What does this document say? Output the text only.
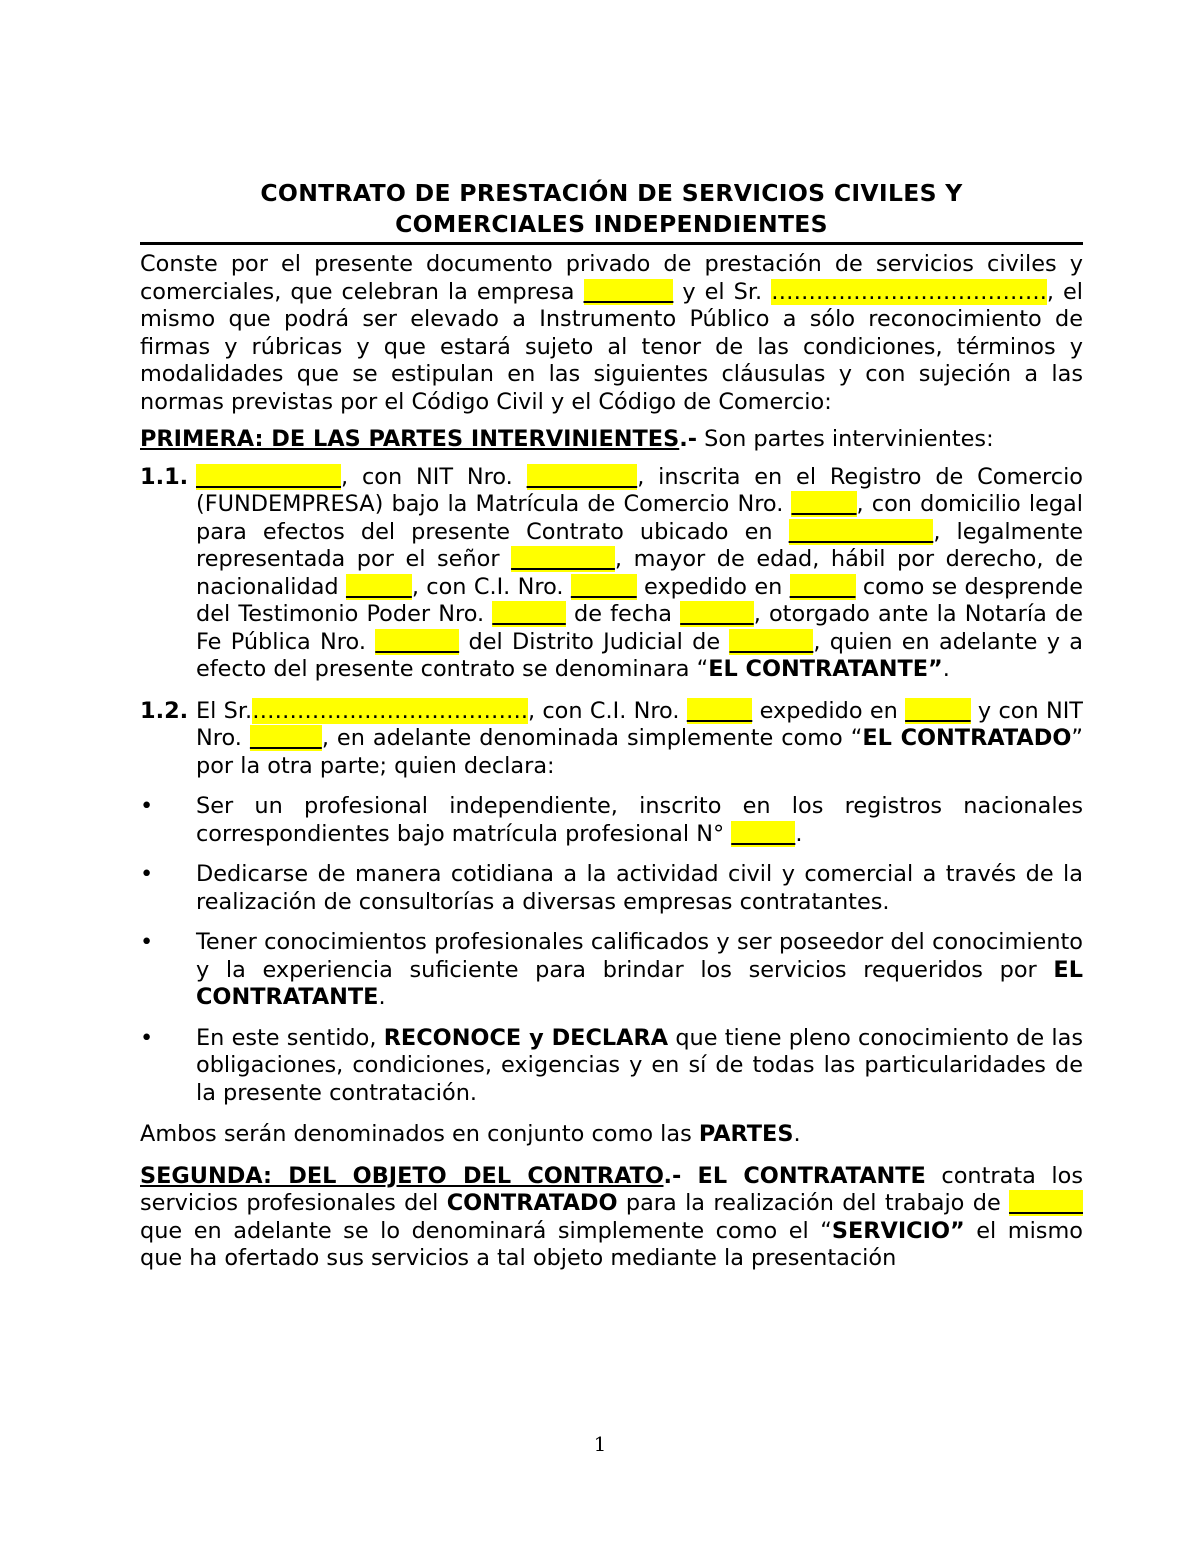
CONTRATO DE PRESTACIÓN DE SERVICIOS CIVILES Y
COMERCIALES INDEPENDIENTES

Conste por el presente documento privado de prestación de servicios civiles y comerciales, que celebran la empresa	y el Sr. ………………………………., el mismo que podrá ser elevado a Instrumento Público a sólo reconocimiento de firmas y rúbricas y que estará sujeto al tenor de las condiciones, términos y modalidades que se estipulan en las siguientes cláusulas y con sujeción a las normas previstas por el Código Civil y el Código de Comercio:

PRIMERA: DE LAS PARTES INTERVINIENTES.- Son partes intervinientes:

1.1.	, con NIT Nro.	, inscrita en el Registro de Comercio (FUNDEMPRESA) bajo la Matrícula de Comercio Nro.	, con domicilio legal para efectos del presente Contrato ubicado en	, legalmente representada por el señor	, mayor de edad, hábil por derecho, de nacionalidad	, con C.I. Nro.	expedido en	como se desprende del Testimonio Poder Nro.	de fecha	, otorgado ante la Notaría de Fe Pública Nro.	del Distrito Judicial de	, quien en adelante y a efecto del presente contrato se denominara “EL CONTRATANTE”.
1.2. El Sr.………………………………., con C.I. Nro.	expedido en	y con NIT Nro.	, en adelante denominada simplemente como “EL CONTRATADO” por la otra parte; quien declara:
• Ser un profesional independiente, inscrito en los registros nacionales correspondientes bajo matrícula profesional N°	.
• Dedicarse de manera cotidiana a la actividad civil y comercial a través de la realización de consultorías a diversas empresas contratantes.
• Tener conocimientos profesionales calificados y ser poseedor del conocimiento y la experiencia suficiente para brindar los servicios requeridos por EL CONTRATANTE.
• En este sentido, RECONOCE y DECLARA que tiene pleno conocimiento de las obligaciones, condiciones, exigencias y en sí de todas las particularidades de la presente contratación.

Ambos serán denominados en conjunto como las PARTES.

SEGUNDA: DEL OBJETO DEL CONTRATO.- EL CONTRATANTE contrata los servicios profesionales del CONTRATADO para la realización del trabajo de           que en adelante se lo denominará simplemente como el “SERVICIO” el mismo que ha ofertado sus servicios a tal objeto mediante la presentación

1
